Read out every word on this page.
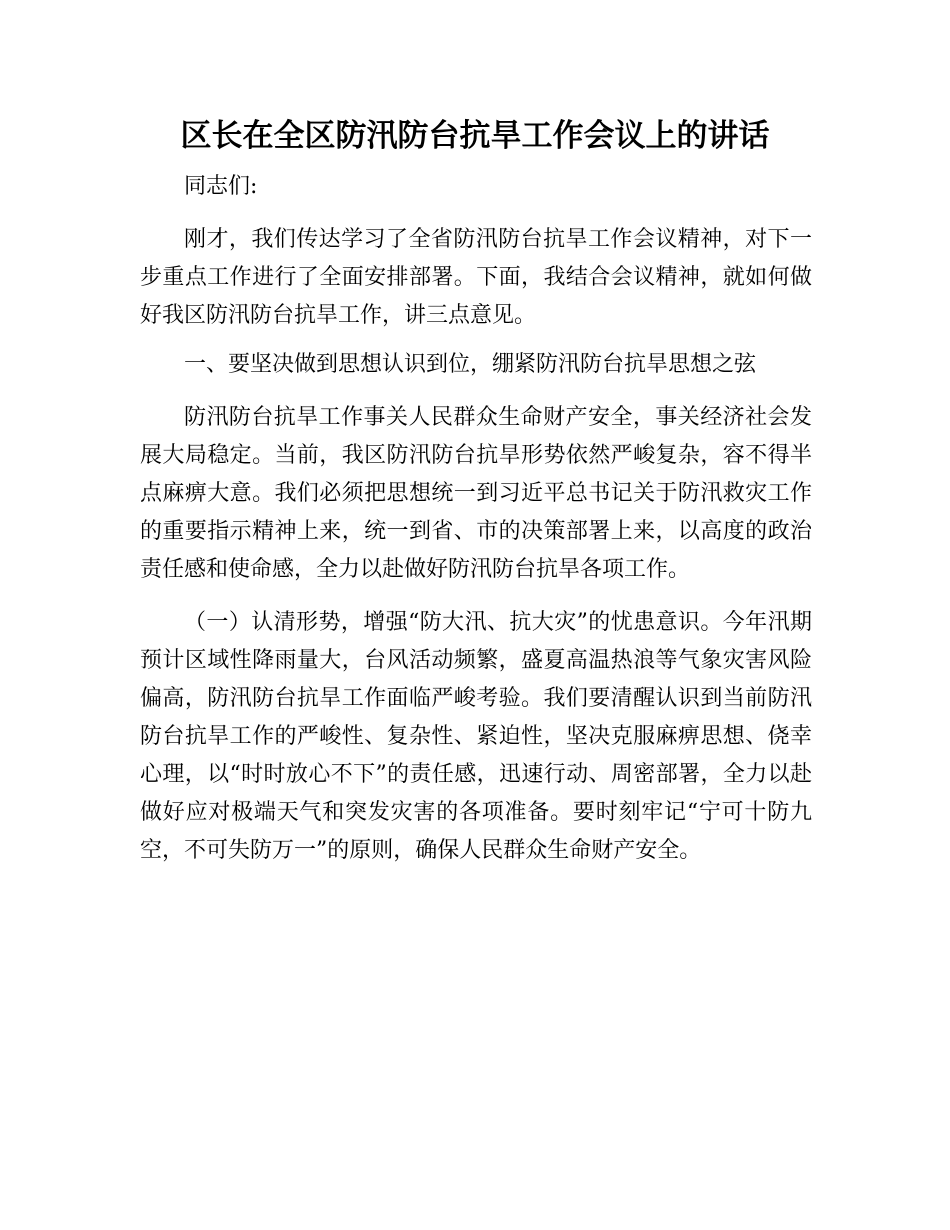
区长在全区防汛防台抗旱工作会议上的讲话

同志们:

刚才，我们传达学习了全省防汛防台抗旱工作会议精神，对下一步重点工作进行了全面安排部署。下面，我结合会议精神，就如何做好我区防汛防台抗旱工作，讲三点意见。

一、要坚决做到思想认识到位，绷紧防汛防台抗旱思想之弦

防汛防台抗旱工作事关人民群众生命财产安全，事关经济社会发展大局稳定。当前，我区防汛防台抗旱形势依然严峻复杂，容不得半点麻痹大意。我们必须把思想统一到习近平总书记关于防汛救灾工作的重要指示精神上来，统一到省、市的决策部署上来，以高度的政治责任感和使命感，全力以赴做好防汛防台抗旱各项工作。

（一）认清形势，增强“防大汛、抗大灾”的忧患意识。今年汛期预计区域性降雨量大，台风活动频繁，盛夏高温热浪等气象灾害风险偏高，防汛防台抗旱工作面临严峻考验。我们要清醒认识到当前防汛防台抗旱工作的严峻性、复杂性、紧迫性，坚决克服麻痹思想、侥幸心理，以“时时放心不下”的责任感，迅速行动、周密部署，全力以赴做好应对极端天气和突发灾害的各项准备。要时刻牢记“宁可十防九空，不可失防万一”的原则，确保人民群众生命财产安全。
